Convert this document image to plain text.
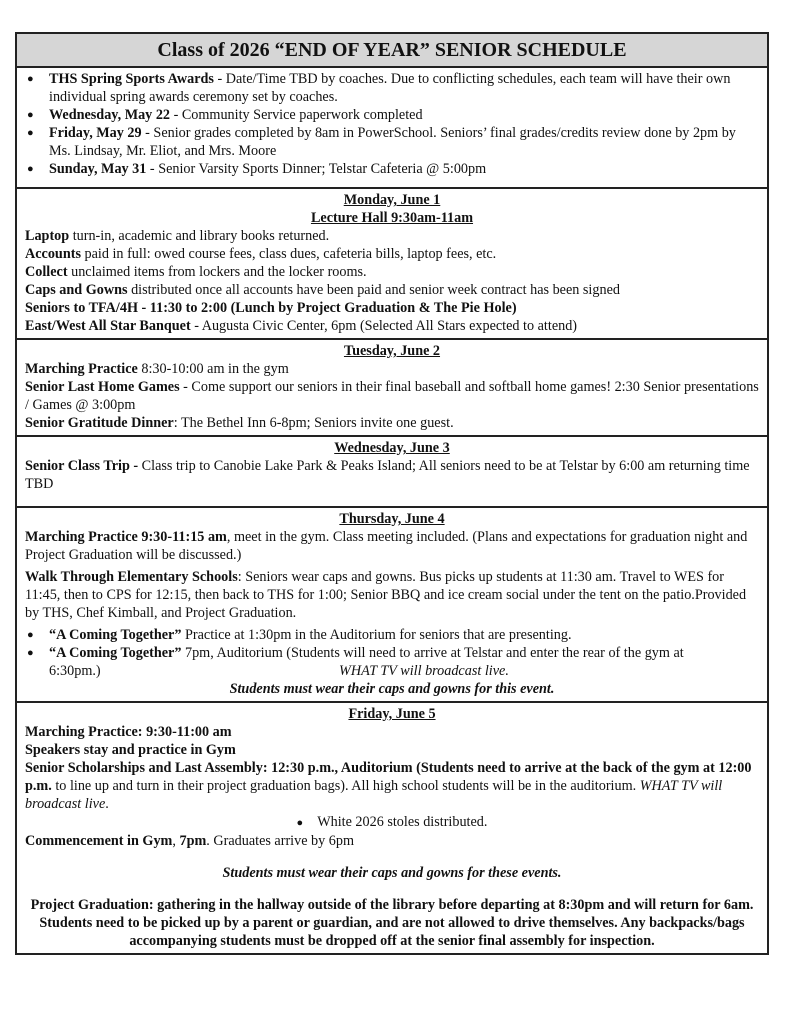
Class of 2026 “END OF YEAR” SENIOR SCHEDULE
● THS Spring Sports Awards - Date/Time TBD by coaches. Due to conflicting schedules, each team will have their own individual spring awards ceremony set by coaches.
● Wednesday, May 22 - Community Service paperwork completed
● Friday, May 29 - Senior grades completed by 8am in PowerSchool. Seniors’ final grades/credits review done by 2pm by Ms. Lindsay, Mr. Eliot, and Mrs. Moore
● Sunday, May 31 - Senior Varsity Sports Dinner; Telstar Cafeteria @ 5:00pm
Monday, June 1
Lecture Hall 9:30am-11am

Laptop turn-in, academic and library books returned.

Accounts paid in full: owed course fees, class dues, cafeteria bills, laptop fees, etc.

Collect unclaimed items from lockers and the locker rooms.

Caps and Gowns distributed once all accounts have been paid and senior week contract has been signed

Seniors to TFA/4H - 11:30 to 2:00 (Lunch by Project Graduation & The Pie Hole)

East/West All Star Banquet - Augusta Civic Center, 6pm (Selected All Stars expected to attend)

Tuesday, June 2

Marching Practice 8:30-10:00 am in the gym

Senior Last Home Games - Come support our seniors in their final baseball and softball home games! 2:30 Senior presentations / Games @ 3:00pm

Senior Gratitude Dinner: The Bethel Inn 6-8pm; Seniors invite one guest.

Wednesday, June 3

Senior Class Trip - Class trip to Canobie Lake Park & Peaks Island; All seniors need to be at Telstar by 6:00 am returning time TBD

Thursday, June 4

Marching Practice 9:30-11:15 am, meet in the gym. Class meeting included. (Plans and expectations for graduation night and Project Graduation will be discussed.)

Walk Through Elementary Schools: Seniors wear caps and gowns. Bus picks up students at 11:30 am. Travel to WES for 11:45, then to CPS for 12:15, then back to THS for 1:00; Senior BBQ and ice cream social under the tent on the patio.Provided by THS, Chef Kimball, and Project Graduation.

● “A Coming Together” Practice at 1:30pm in the Auditorium for seniors that are presenting.
● “A Coming Together” 7pm, Auditorium (Students will need to arrive at Telstar and enter the rear of the gym at
6:30pm.)	WHAT TV will broadcast live.
Students must wear their caps and gowns for this event.
Friday, June 5

Marching Practice: 9:30-11:00 am

Speakers stay and practice in Gym

Senior Scholarships and Last Assembly: 12:30 p.m., Auditorium (Students need to arrive at the back of the gym at 12:00 p.m. to line up and turn in their project graduation bags). All high school students will be in the auditorium. WHAT TV will broadcast live.

● White 2026 stoles distributed.

Commencement in Gym, 7pm. Graduates arrive by 6pm

Students must wear their caps and gowns for these events.
Project Graduation: gathering in the hallway outside of the library before departing at 8:30pm and will return for 6am. Students need to be picked up by a parent or guardian, and are not allowed to drive themselves. Any backpacks/bags accompanying students must be dropped off at the senior final assembly for inspection.
